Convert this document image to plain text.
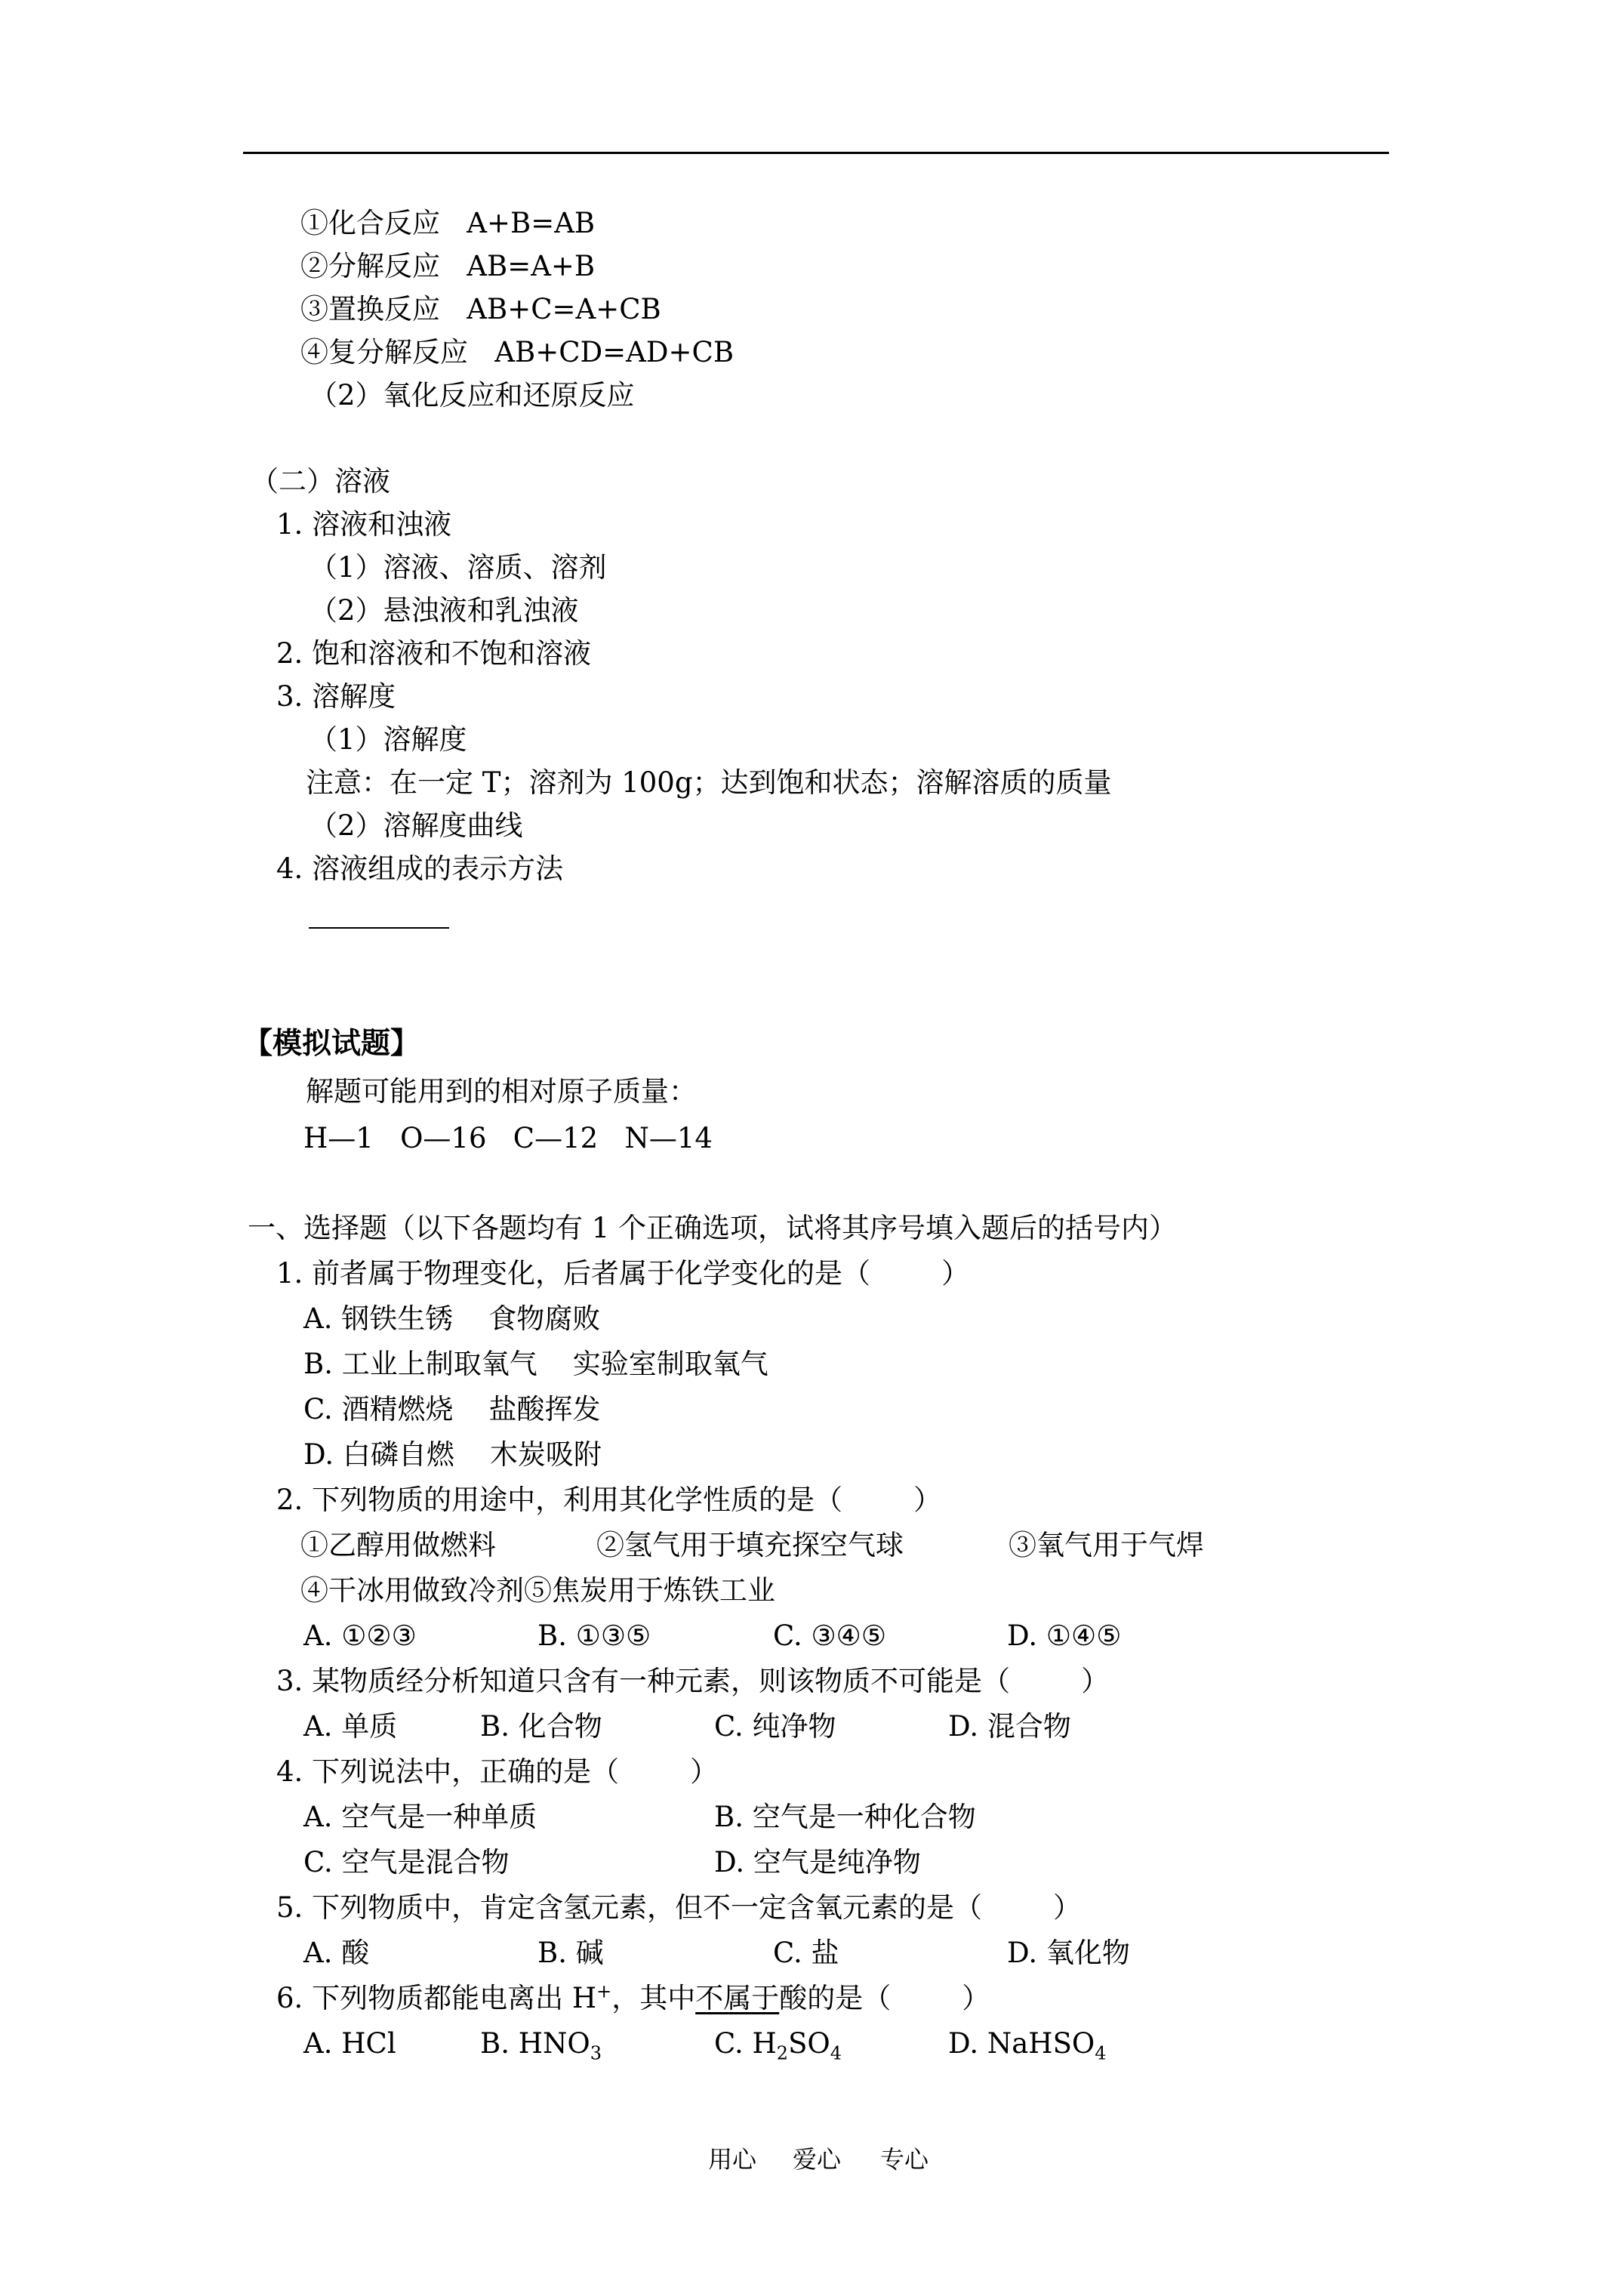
①化合反应   A+B=AB
②分解反应   AB=A+B
③置换反应   AB+C=A+CB
④复分解反应   AB+CD=AD+CB
（2）氧化反应和还原反应
（二）溶液
1. 溶液和浊液
（1）溶液、溶质、溶剂
（2）悬浊液和乳浊液
2. 饱和溶液和不饱和溶液
3. 溶解度
（1）溶解度
注意：在一定 T；溶剂为 100g；达到饱和状态；溶解溶质的质量
（2）溶解度曲线
4. 溶液组成的表示方法
【模拟试题】
解题可能用到的相对原子质量：
H—1   O—16   C—12   N—14
一、选择题（以下各题均有 1 个正确选项，试将其序号填入题后的括号内）
1. 前者属于物理变化，后者属于化学变化的是（        ）
A. 钢铁生锈    食物腐败
B. 工业上制取氧气    实验室制取氧气
C. 酒精燃烧    盐酸挥发
D. 白磷自燃    木炭吸附
2. 下列物质的用途中，利用其化学性质的是（        ）
①乙醇用做燃料	②氢气用于填充探空气球	③氧气用于气焊
④干冰用做致冷剂⑤焦炭用于炼铁工业
A. ①②③	B. ①③⑤	C. ③④⑤	D. ①④⑤
3. 某物质经分析知道只含有一种元素，则该物质不可能是（        ）
A. 单质	B. 化合物	C. 纯净物	D. 混合物
4. 下列说法中，正确的是（        ）
A. 空气是一种单质	B. 空气是一种化合物
C. 空气是混合物	D. 空气是纯净物
5. 下列物质中，肯定含氢元素，但不一定含氧元素的是（        ）
A. 酸	B. 碱	C. 盐	D. 氧化物
6. 下列物质都能电离出 H+，其中不属于酸的是（        ）
A. HCl	B. $HNO_3$	C. $H_2SO_4$	D. NaHSO$_4$
用心 爱心 专心
